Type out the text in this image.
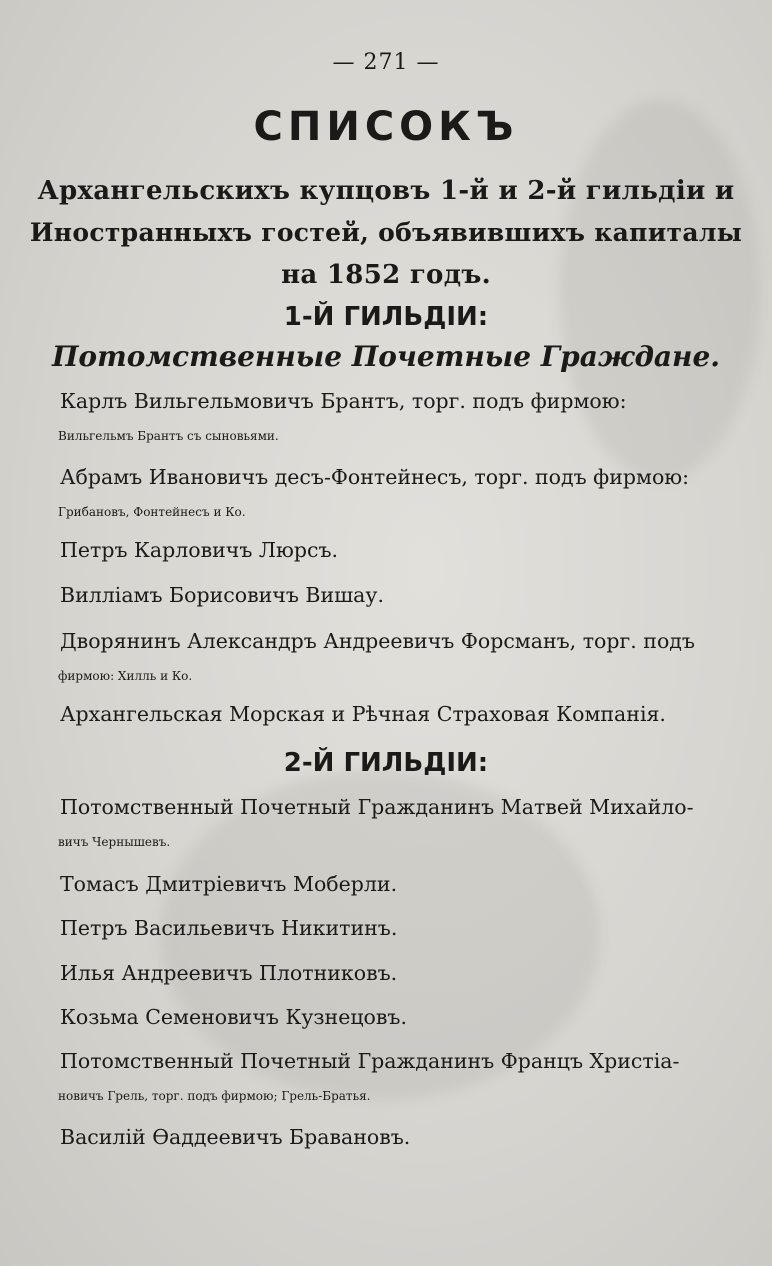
— 271 —
СПИСОКЪ
Архангельскихъ купцовъ 1-й и 2-й гильдіи и
Иностранныхъ гостей, объявившихъ капиталы
на 1852 годъ.
1-Й ГИЛЬДІИ:
Потомственные Почетные Граждане.
Карлъ Вильгельмовичъ Брантъ, торг. подъ фирмою:
Вильгельмъ Брантъ съ сыновьями.
Абрамъ Ивановичъ десъ-Фонтейнесъ, торг. подъ фирмою:
Грибановъ, Фонтейнесъ и Ко.
Петръ Карловичъ Люрсъ.
Вилліамъ Борисовичъ Вишау.
Дворянинъ Александръ Андреевичъ Форсманъ, торг. подъ
фирмою: Хилль и Ко.
Архангельская Морская и Рѣчная Страховая Компанія.
2-Й ГИЛЬДІИ:
Потомственный Почетный Гражданинъ Матвей Михайло-
вичъ Чернышевъ.
Томасъ Дмитріевичъ Моберли.
Петръ Васильевичъ Никитинъ.
Илья Андреевичъ Плотниковъ.
Козьма Семеновичъ Кузнецовъ.
Потомственный Почетный Гражданинъ Францъ Христіа-
новичъ Грель, торг. подъ фирмою; Грель-Братья.
Василій Ѳаддеевичъ Бравановъ.
